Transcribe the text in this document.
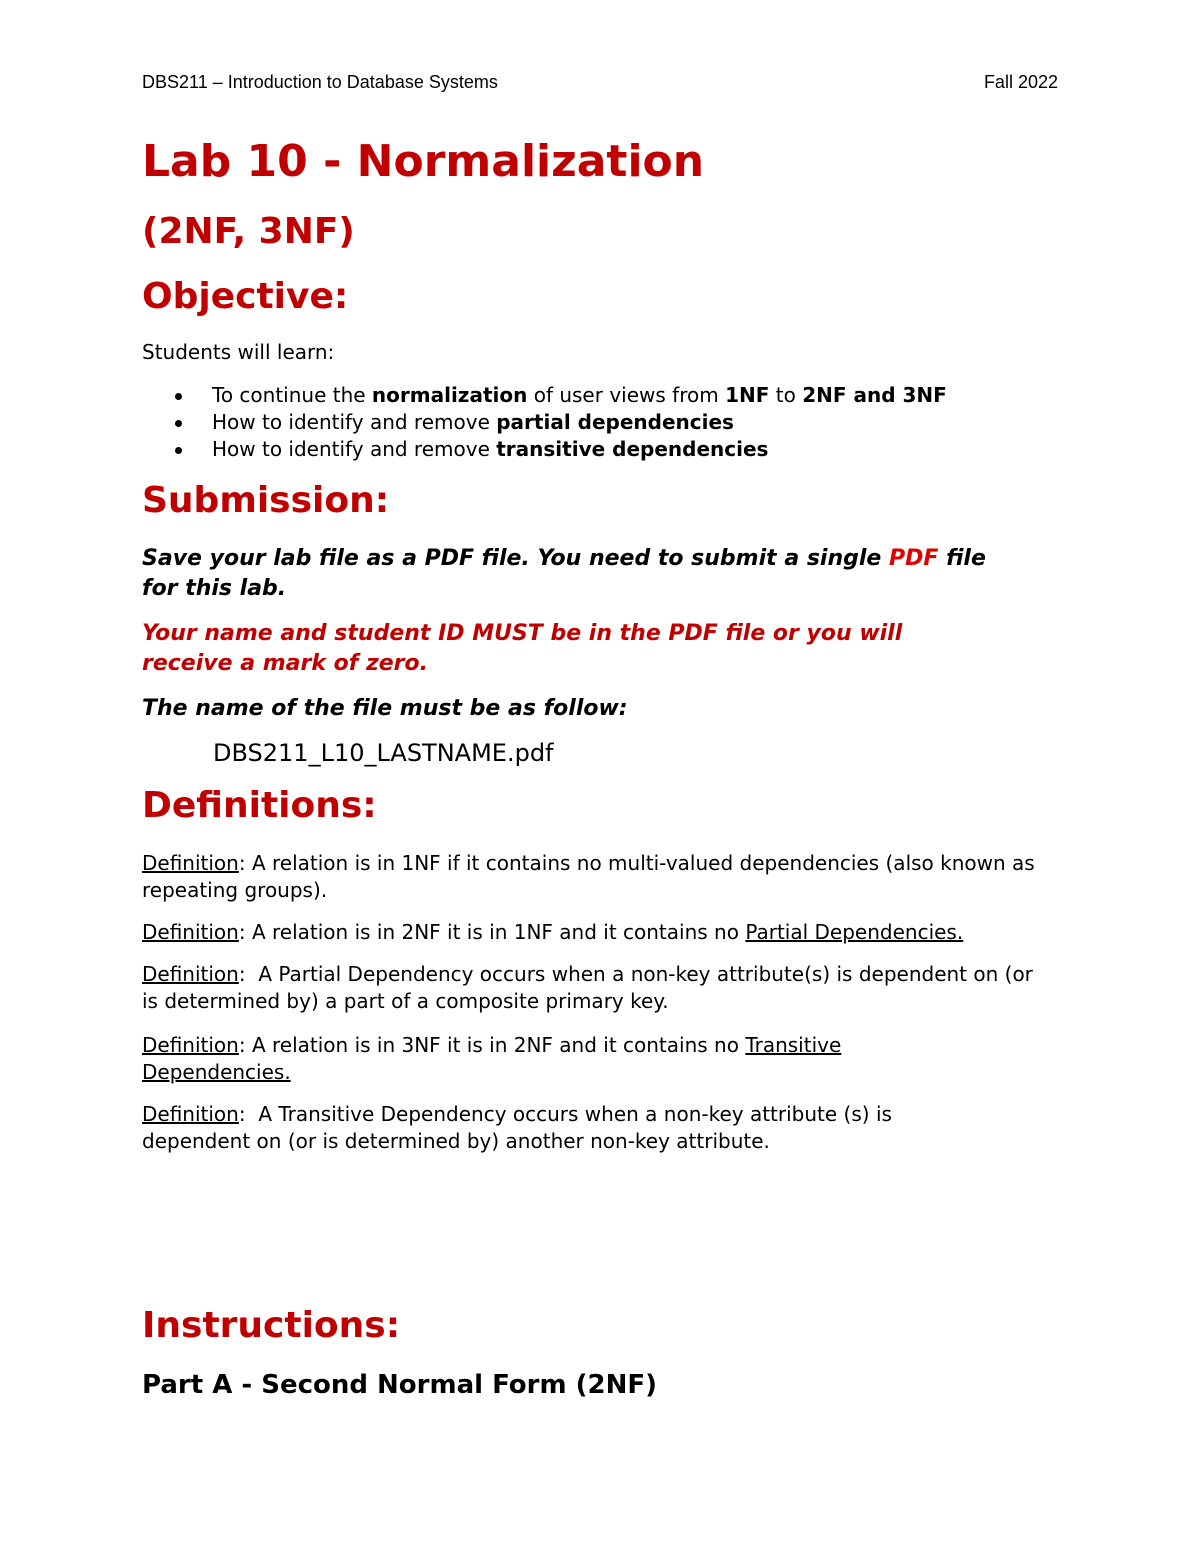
DBS211 – Introduction to Database Systems	Fall 2022
Lab 10 - Normalization
(2NF, 3NF)
Objective:
Students will learn:
To continue the normalization of user views from 1NF to 2NF and 3NF
How to identify and remove partial dependencies
How to identify and remove transitive dependencies
Submission:
Save your lab file as a PDF file. You need to submit a single PDF file
for this lab.
Your name and student ID MUST be in the PDF file or you will
receive a mark of zero.
The name of the file must be as follow:
DBS211_L10_LASTNAME.pdf
Definitions:
Definition: A relation is in 1NF if it contains no multi-valued dependencies (also known as repeating groups).
Definition: A relation is in 2NF it is in 1NF and it contains no Partial Dependencies.
Definition:  A Partial Dependency occurs when a non-key attribute(s) is dependent on (or is determined by) a part of a composite primary key.
Definition: A relation is in 3NF it is in 2NF and it contains no Transitive Dependencies.
Definition:  A Transitive Dependency occurs when a non-key attribute (s) is dependent on (or is determined by) another non-key attribute.
Instructions:
Part A - Second Normal Form (2NF)
